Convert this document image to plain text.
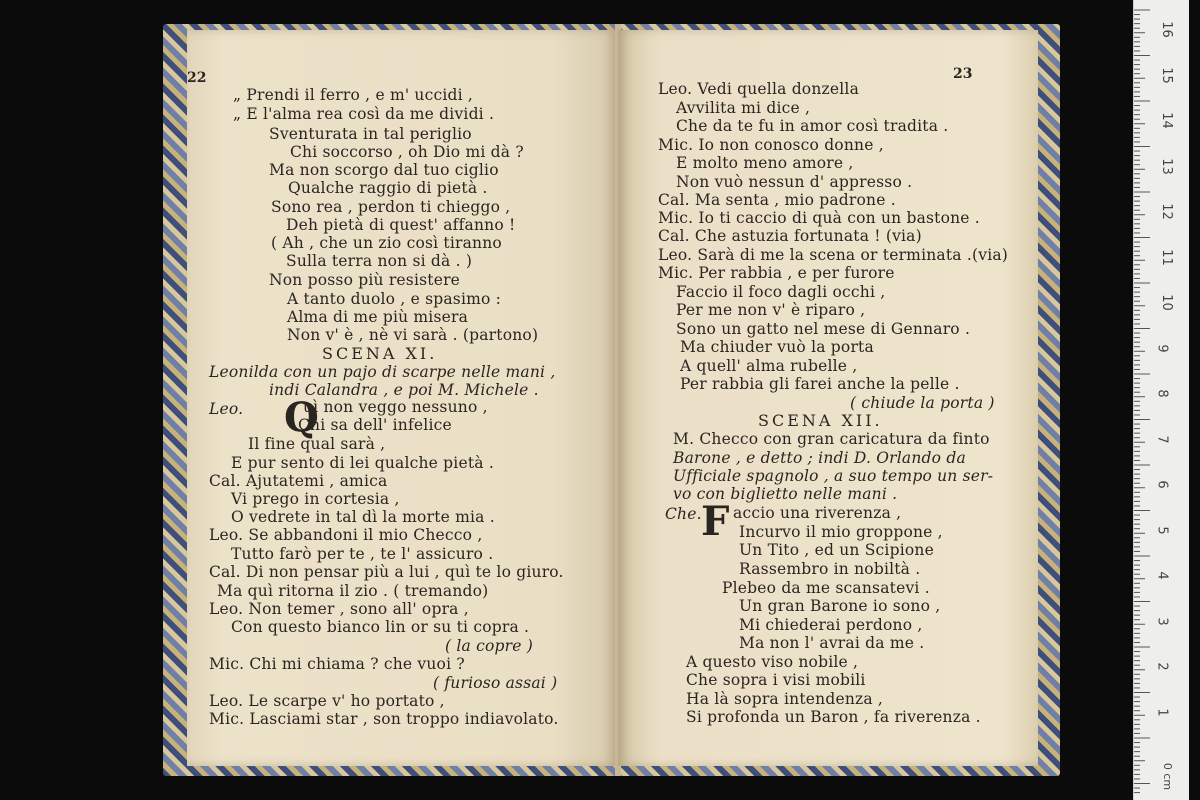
22
„ Prendi il ferro , e m' uccidi ,
„ E l'alma rea così da me dividi .
Sventurata in tal periglio
Chi soccorso , oh Dio mi dà ?
Ma non scorgo dal tuo ciglio
Qualche raggio di pietà .
Sono rea , perdon ti chieggo ,
Deh pietà di quest' affanno !
( Ah , che un zio così tiranno
Sulla terra non si dà . )
Non posso più resistere
A tanto duolo , e spasimo :
Alma di me più misera
Non v' è , nè vi sarà . (partono)
SCENA XI.
Leonilda con un pajo di scarpe nelle mani ,
indi Calandra , e poi M. Michele .
Leo.	uì non veggo nessuno ,
Chi sa dell' infelice
Il fine qual sarà ,
E pur sento di lei qualche pietà .
Cal. Ajutatemi , amica
Vi prego in cortesia ,
O vedrete in tal dì la morte mia .
Leo. Se abbandoni il mio Checco ,
Tutto farò per te , te l' assicuro .
Cal. Di non pensar più a lui , quì te lo giuro.
Ma quì ritorna il zio . ( tremando)
Leo. Non temer , sono all' opra ,
Con questo bianco lin or su ti copra .
( la copre )
Mic. Chi mi chiama ? che vuoi ?
( furioso assai )
Leo. Le scarpe v' ho portato ,
Mic. Lasciami star , son troppo indiavolato.
Q
23
Leo. Vedi quella donzella
Avvilita mi dice ,
Che da te fu in amor così tradita .
Mic. Io non conosco donne ,
E molto meno amore ,
Non vuò nessun d' appresso .
Cal. Ma senta , mio padrone .
Mic. Io ti caccio di quà con un bastone .
Cal. Che astuzia fortunata ! (via)
Leo. Sarà di me la scena or terminata .(via)
Mic. Per rabbia , e per furore
Faccio il foco dagli occhi ,
Per me non v' è riparo ,
Sono un gatto nel mese di Gennaro .
Ma chiuder vuò la porta
A quell' alma rubelle ,
Per rabbia gli farei anche la pelle .
( chiude la porta )
SCENA XII.
M. Checco con gran caricatura da finto
Barone , e detto ; indi D. Orlando da
Ufficiale spagnolo , a suo tempo un ser-
vo con biglietto nelle mani .
Che. accio una riverenza ,
Incurvo il mio groppone ,
Un Tito , ed un Scipione
Rassembro in nobiltà .
Plebeo da me scansatevi .
Un gran Barone io sono ,
Mi chiederai perdono ,
Ma non l' avrai da me .
A questo viso nobile ,
Che sopra i visi mobili
Ha là sopra intendenza ,
Si profonda un Baron , fa riverenza .
F
16
15
14
13
12
11
10
9
8
7
6
5
4
3
2
1
0 cm
